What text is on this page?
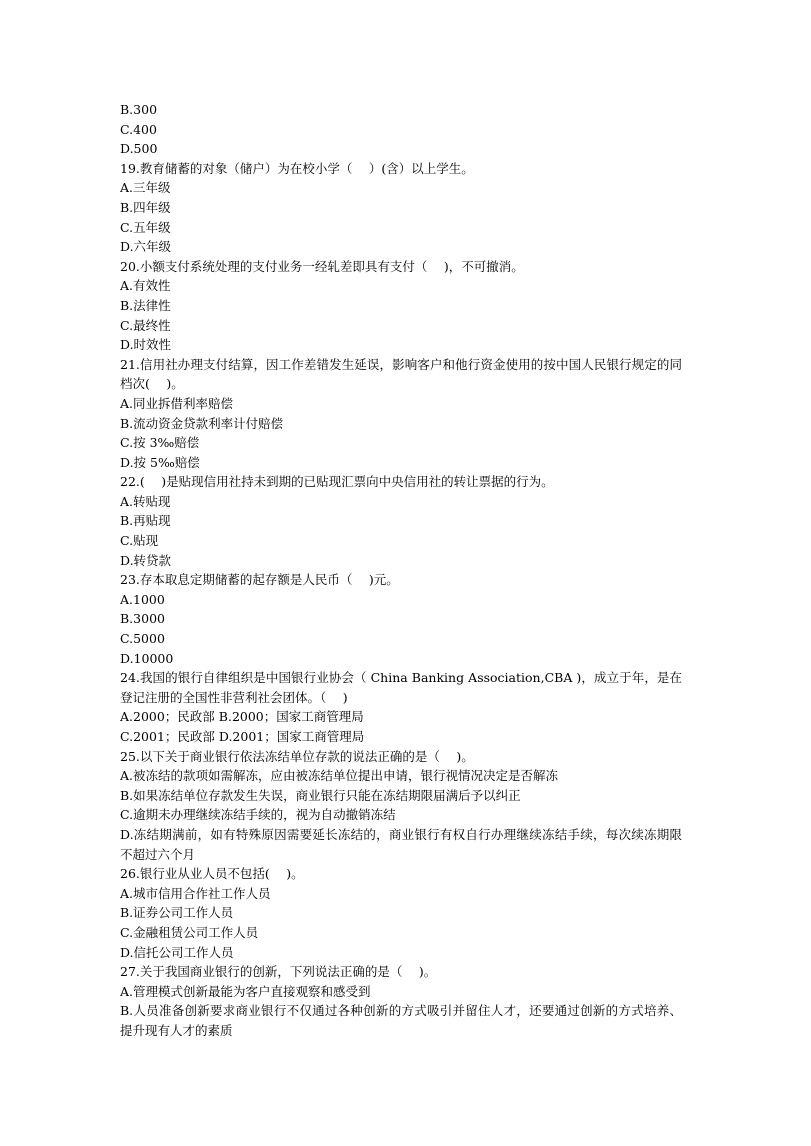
B.300
C.400
D.500
19.教育储蓄的对象（储户）为在校小学（　 ）(含）以上学生。
A.三年级
B.四年级
C.五年级
D.六年级
20.小额支付系统处理的支付业务一经轧差即具有支付（　 )，不可撤消。
A.有效性
B.法律性
C.最终性
D.时效性
21.信用社办理支付结算，因工作差错发生延误，影响客户和他行资金使用的按中国人民银行规定的同档次(　 )。
A.同业拆借利率赔偿
B.流动资金贷款利率计付赔偿
C.按 3‰赔偿
D.按 5‰赔偿
22.(　 )是贴现信用社持未到期的已贴现汇票向中央信用社的转让票据的行为。
A.转贴现
B.再贴现
C.贴现
D.转贷款
23.存本取息定期储蓄的起存额是人民币（　 )元。
A.1000
B.3000
C.5000
D.10000
24.我国的银行自律组织是中国银行业协会（ China Banking Association,CBA )，成立于年，是在登记注册的全国性非营利社会团体。（　 )
A.2000；民政部 B.2000；国家工商管理局
C.2001；民政部 D.2001；国家工商管理局
25.以下关于商业银行依法冻结单位存款的说法正确的是（　 )。
A.被冻结的款项如需解冻，应由被冻结单位提出申请，银行视情况决定是否解冻
B.如果冻结单位存款发生失误，商业银行只能在冻结期限届满后予以纠正
C.逾期未办理继续冻结手续的，视为自动撤销冻结
D.冻结期满前，如有特殊原因需要延长冻结的，商业银行有权自行办理继续冻结手续，每次续冻期限不超过六个月
26.银行业从业人员不包括(　 )。
A.城市信用合作社工作人员
B.证券公司工作人员
C.金融租赁公司工作人员
D.信托公司工作人员
27.关于我国商业银行的创新，下列说法正确的是（　 )。
A.管理模式创新最能为客户直接观察和感受到
B.人员准备创新要求商业银行不仅通过各种创新的方式吸引并留住人才，还要通过创新的方式培养、提升现有人才的素质
